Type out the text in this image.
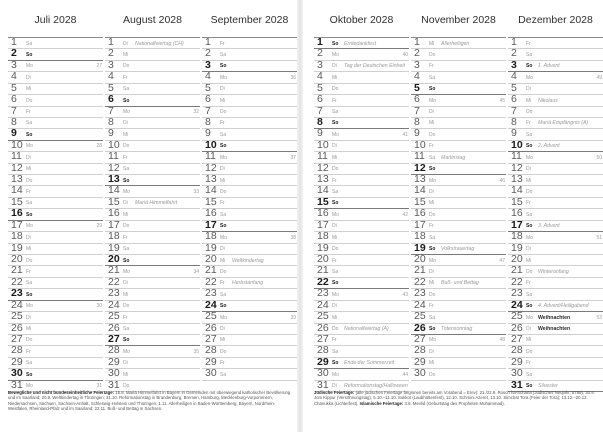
Juli 2028
1 Sa
2 So
3 Mo	27
4 Di
5 Mi
6 Do
7 Fr
8 Sa
9 So
10 Mo	28
11 Di
12 Mi
13 Do
14 Fr
15 Sa
16 So
17 Mo	29
18 Di
19 Mi
20 Do
21 Fr
22 Sa
23 So
24 Mo	30
25 Di
26 Mi
27 Do
28 Fr
29 Sa
30 So
31 Mo	31
August 2028
1 Di Nationalfeiertag (CH)
2 Mi
3 Do
4 Fr
5 Sa
6 So
7 Mo	32
8 Di
9 Mi
10 Do
11 Fr
12 Sa
13 So
14 Mo	33
15 Di Mariä Himmelfahrt
16 Mi
17 Do
18 Fr
19 Sa
20 So
21 Mo	34
22 Di
23 Mi
24 Do
25 Fr
26 Sa
27 So
28 Mo	35
29 Di
30 Mi
31 Do
September 2028
1 Fr
2 Sa
3 So
4 Mo	36
5 Di
6 Mi
7 Do
8 Fr
9 Sa
10 So
11 Mo	37
12 Di
13 Mi
14 Do
15 Fr
16 Sa
17 So
18 Mo	38
19 Di
20 Mi Weltkindertag
21 Do
22 Fr Herbstanfang
23 Sa
24 So
25 Mo	39
26 Di
27 Mi
28 Do
29 Fr
30 Sa

Bewegliche und nicht bundeseinheitliche Feiertage: 15.8. Mariä Himmelfahrt in Bayern in Gemeinden mit überwiegend katholischer Bevölkerung und im Saarland; 20.9. Weltkindertag in Thüringen; 31.10. Reformationstag in Brandenburg, Bremen, Hamburg, Mecklenburg-Vorpommern, Niedersachsen, Sachsen, Sachsen-Anhalt, Schleswig-Holstein und Thüringen; 1.11. Allerheiligen in Baden-Württemberg, Bayern, Nordrhein-Westfalen, Rheinland-Pfalz und im Saarland; 22.11. Buß- und Bettag in Sachsen.

Oktober 2028
1 So Erntedankfest
2 Mo	40
3 Di Tag der Deutschen Einheit
4 Mi
5 Do
6 Fr
7 Sa
8 So
9 Mo	41
10 Di
11 Mi
12 Do
13 Fr
14 Sa
15 So
16 Mo	42
17 Di
18 Mi
19 Do
20 Fr
21 Sa
22 So
23 Mo	43
24 Di
25 Mi
26 Do Nationalfeiertag (A)
27 Fr
28 Sa
29 So Ende der Sommerzeit
30 Mo	44
31 Di Reformationstag/Halloween
November 2028
1 Mi Allerheiligen
2 Do
3 Fr
4 Sa
5 So
6 Mo	45
7 Di
8 Mi
9 Do
10 Fr
11 Sa Martinstag
12 So
13 Mo	46
14 Di
15 Mi
16 Do
17 Fr
18 Sa
19 So Volkstrauertag
20 Mo	47
21 Di
22 Mi Buß- und Bettag
23 Do
24 Fr
25 Sa
26 So Totensonntag
27 Mo	48
28 Di
29 Mi
30 Do
Dezember 2028
1 Fr
2 Sa
3 So 1. Advent
4 Mo	49
5 Di
6 Mi Nikolaus
7 Do
8 Fr Mariä Empfängnis (A)
9 Sa
10 So 2. Advent
11 Mo	50
12 Di
13 Mi
14 Do
15 Fr
16 Sa
17 So 3. Advent
18 Mo	51
19 Di
20 Mi
21 Do Winteranfang
22 Fr
23 Sa
24 So 4. Advent/Heiligabend
25 Mo Weihnachten	52
26 Di Weihnachten
27 Mi
28 Do
29 Fr
30 Sa
31 So Silvester

Jüdische Feiertage: (alle jüdischen Feiertage beginnen bereits am Vorabend = Erev): 21./22.9. Rosch ha-Schana (Jüdisches Neujahr, 5789), 30.9. Jom Kippur (Versöhnungstag), 5.10.–11.10. Sukkot (Laubhüttenfest), 12.10. Schmini Azeret, 13.10. Simchat Tora (Feier der Tora); 13.12.–20.12. Chanukka (Lichterfest). Islamische Feiertage: 3.8. Mevlid (Geburtstag des Propheten Muhammad).
